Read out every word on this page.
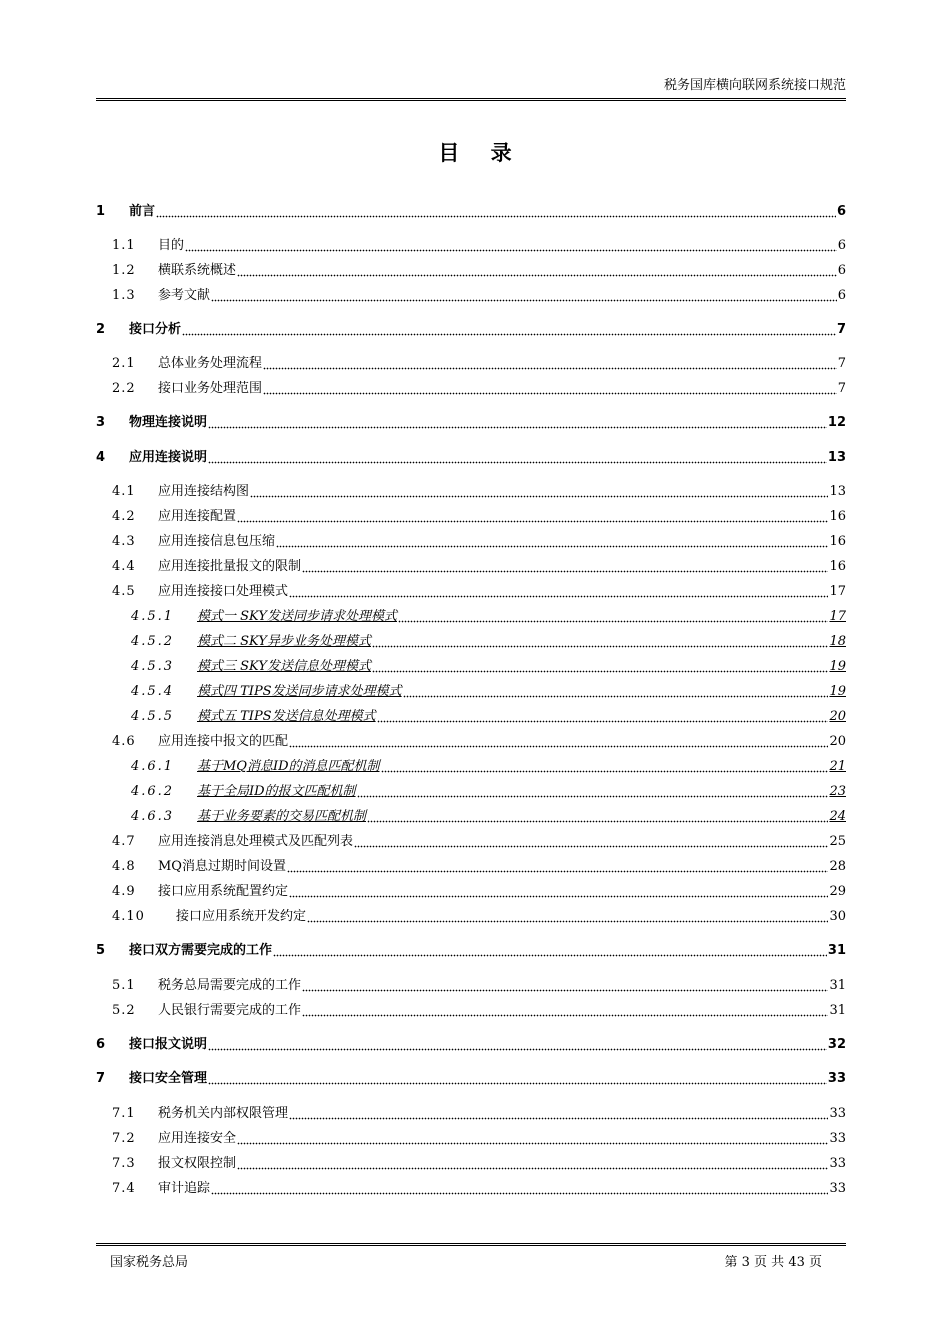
税务国库横向联网系统接口规范
目 录
1	前言	6
1.1	目的	6
1.2	横联系统概述	6
1.3	参考文献	6
2	接口分析	7
2.1	总体业务处理流程	7
2.2	接口业务处理范围	7
3	物理连接说明	12
4	应用连接说明	13
4.1	应用连接结构图	13
4.2	应用连接配置	16
4.3	应用连接信息包压缩	16
4.4	应用连接批量报文的限制	16
4.5	应用连接接口处理模式	17
4.5.1	模式一 SKY发送同步请求处理模式	17
4.5.2	模式二 SKY异步业务处理模式	18
4.5.3	模式三 SKY发送信息处理模式	19
4.5.4	模式四 TIPS发送同步请求处理模式	19
4.5.5	模式五 TIPS发送信息处理模式	20
4.6	应用连接中报文的匹配	20
4.6.1	基于MQ消息ID的消息匹配机制	21
4.6.2	基于全局ID的报文匹配机制	23
4.6.3	基于业务要素的交易匹配机制	24
4.7	应用连接消息处理模式及匹配列表	25
4.8	MQ消息过期时间设置	28
4.9	接口应用系统配置约定	29
4.10	接口应用系统开发约定	30
5	接口双方需要完成的工作	31
5.1	税务总局需要完成的工作	31
5.2	人民银行需要完成的工作	31
6	接口报文说明	32
7	接口安全管理	33
7.1	税务机关内部权限管理	33
7.2	应用连接安全	33
7.3	报文权限控制	33
7.4	审计追踪	33
国家税务总局	第 3 页 共 43 页
